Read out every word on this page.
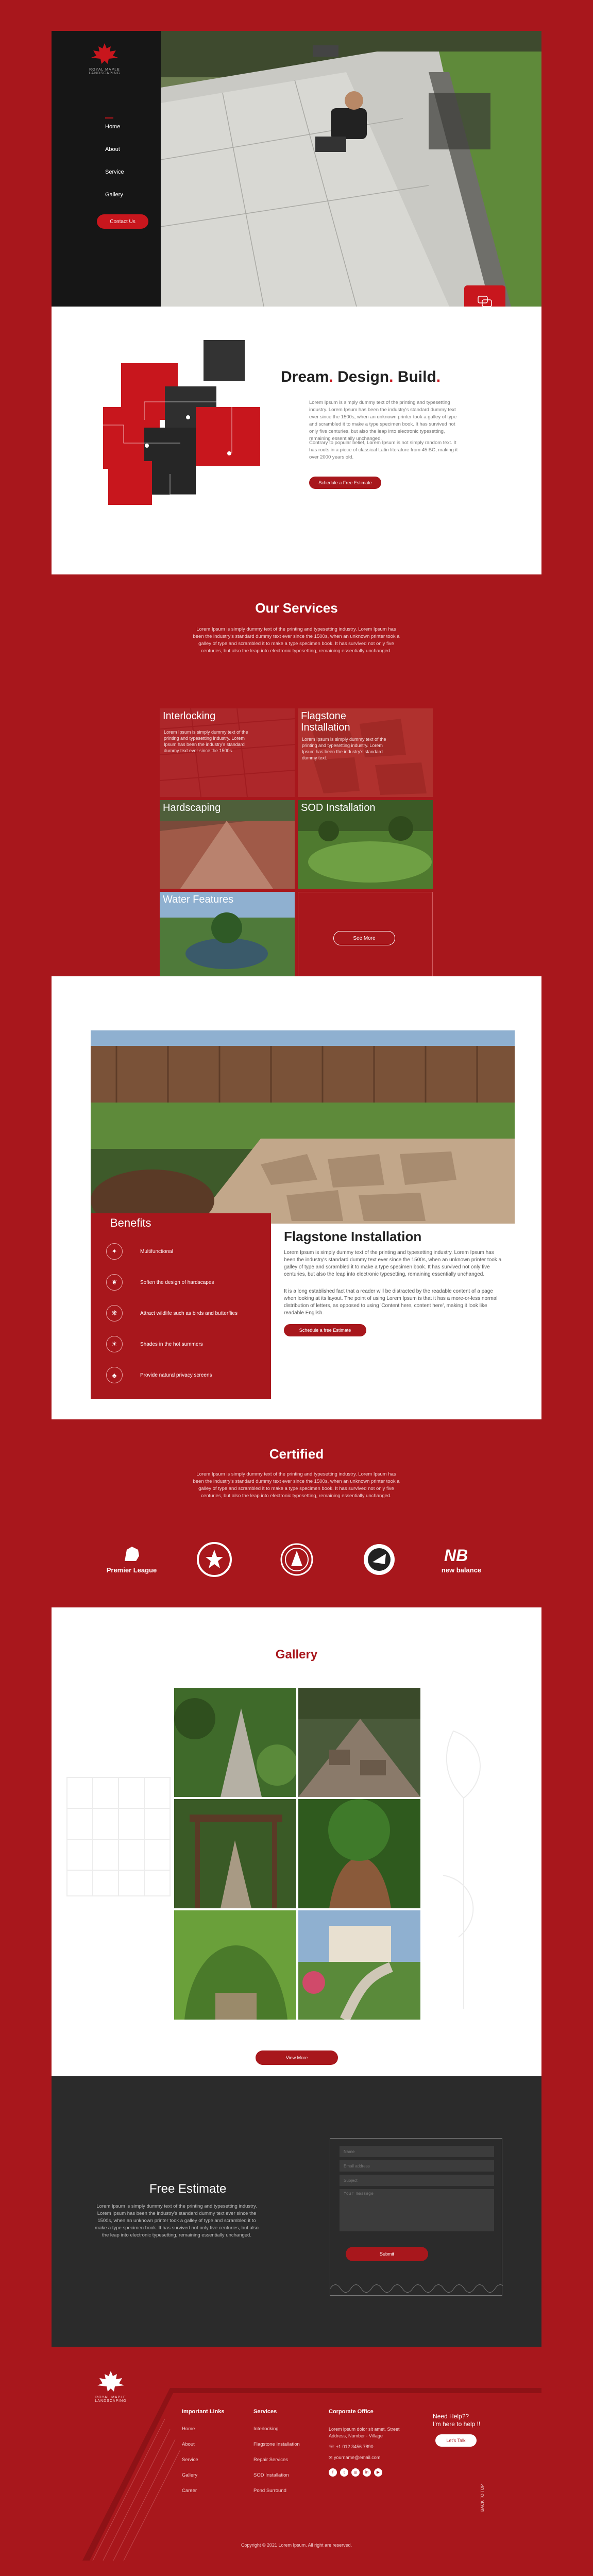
ROYAL MAPLE LANDSCAPING
Home
About
Service
Gallery
Contact Us
Dream. Design. Build.

Lorem Ipsum is simply dummy text of the printing and typesetting industry. Lorem Ipsum has been the industry's standard dummy text ever since the 1500s, when an unknown printer took a galley of type and scrambled it to make a type specimen book. It has survived not only five centuries, but also the leap into electronic typesetting, remaining essentially unchanged.

Contrary to popular belief, Lorem Ipsum is not simply random text. It has roots in a piece of classical Latin literature from 45 BC, making it over 2000 years old.

Schedule a Free Estimate
Our Services

Lorem Ipsum is simply dummy text of the printing and typesetting industry. Lorem Ipsum has been the industry's standard dummy text ever since the 1500s, when an unknown printer took a galley of type and scrambled it to make a type specimen book. It has survived not only five centuries, but also the leap into electronic typesetting, remaining essentially unchanged.

Interlocking
Lorem Ipsum is simply dummy text of the printing and typesetting industry. Lorem Ipsum has been the industry's standard dummy text ever since the 1500s.
Flagstone Installation
Lorem Ipsum is simply dummy text of the printing and typesetting industry. Lorem Ipsum has been the industry's standard dummy text.
Hardscaping	SOD Installation
Water Features
See More
Benefits
✦	Multifunctional
❦	Soften the design of hardscapes
❋	Attract wildlife such as birds and butterflies
☀	Shades in the hot summers
♣	Provide natural privacy screens
Flagstone Installation

Lorem Ipsum is simply dummy text of the printing and typesetting industry. Lorem Ipsum has been the industry's standard dummy text ever since the 1500s, when an unknown printer took a galley of type and scrambled it to make a type specimen book. It has survived not only five centuries, but also the leap into electronic typesetting, remaining essentially unchanged.

It is a long established fact that a reader will be distracted by the readable content of a page when looking at its layout. The point of using Lorem Ipsum is that it has a more-or-less normal distribution of letters, as opposed to using 'Content here, content here', making it look like readable English.

Schedule a free Estimate
Certified

Lorem Ipsum is simply dummy text of the printing and typesetting industry. Lorem Ipsum has been the industry's standard dummy text ever since the 1500s, when an unknown printer took a galley of type and scrambled it to make a type specimen book. It has survived not only five centuries, but also the leap into electronic typesetting, remaining essentially unchanged.

Premier League
NB
new balance
Gallery
View More
Free Estimate

Lorem Ipsum is simply dummy text of the printing and typesetting industry. Lorem Ipsum has been the industry's standard dummy text ever since the 1500s, when an unknown printer took a galley of type and scrambled it to make a type specimen book. It has survived not only five centuries, but also the leap into electronic typesetting, remaining essentially unchanged.

Name
Email address
Subject
Your message
Submit
ROYAL MAPLE LANDSCAPING
Important Links
Home
About
Service
Gallery
Career
Services
Interlocking
Flagstone Installation
Repair Services
SOD Installation
Pond Surround
Corporate Office
Lorem ipsum dolor sit amet, Street Address, Number - Village
☏ +1 012 3456 7890
✉ yourname@email.com
f	t	◎	in	▶
Need Help??
I'm here to help !!
Let's Talk
BACK TO TOP
Copyright © 2021 Lorem Ipsum. All right are reserved.
